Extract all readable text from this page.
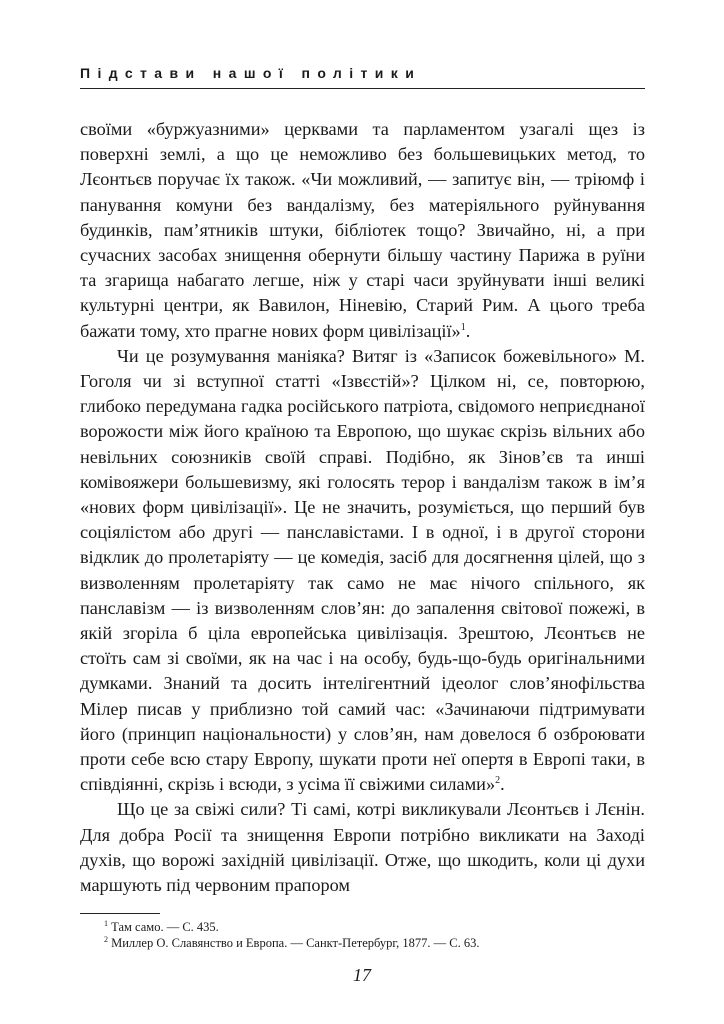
Підстави нашої політики

своїми «буржуазними» церквами та парламентом узагалі щез із поверхні землі, а що це неможливо без большевицьких метод, то Лєонтьєв поручає їх також. «Чи можливий, — запитує він, — тріюмф і панування комуни без вандалізму, без матеріяльного руйнування будинків, пам’ятників штуки, бібліотек тощо? Звичайно, ні, а при сучасних засобах знищення обернути більшу частину Парижа в руїни та згарища набагато легше, ніж у старі часи зруйнувати інші великі культурні центри, як Вавилон, Ніневію, Старий Рим. А цього треба бажати тому, хто прагне нових форм цивілізації»$^1$.

Чи це розумування маніяка? Витяг із «Записок божевільного» М. Гоголя чи зі вступної статті «Ізвєстій»? Цілком ні, се, повторюю, глибоко передумана гадка російського патріота, свідомого неприєднаної ворожости між його країною та Европою, що шукає скрізь вільних або невільних союзників своїй справі. Подібно, як Зінов’єв та инші комівояжери большевизму, які голосять терор і вандалізм також в ім’я «нових форм цивілізації». Це не значить, розуміється, що перший був соціялістом або другі — панславістами. І в одної, і в другої сторони відклик до пролетаріяту — це комедія, засіб для досягнення цілей, що з визволенням пролетаріяту так само не має нічого спільного, як панславізм — із визволенням слов’ян: до запалення світової пожежі, в якій згоріла б ціла европейська цивілізація. Зрештою, Лєонтьєв не стоїть сам зі своїми, як на час і на особу, будь-що-будь оригінальними думками. Знаний та досить інтелігентний ідеолог слов’янофільства Мілер писав у приблизно той самий час: «Зачинаючи підтримувати його (принцип національности) у слов’ян, нам довелося б озброювати проти себе всю стару Европу, шукати проти неї опертя в Европі таки, в співдіянні, скрізь і всюди, з усіма її свіжими силами»$^2$.

Що це за свіжі сили? Ті самі, котрі викликували Лєонтьєв і Лєнін. Для добра Росії та знищення Европи потрібно викликати на Заході духів, що ворожі західній цивілізації. Отже, що шкодить, коли ці духи маршують під червоним прапором

$^1$ Там само. — С. 435.
$^2$ Миллер О. Славянство и Европа. — Санкт-Петербург, 1877. — С. 63.
17
